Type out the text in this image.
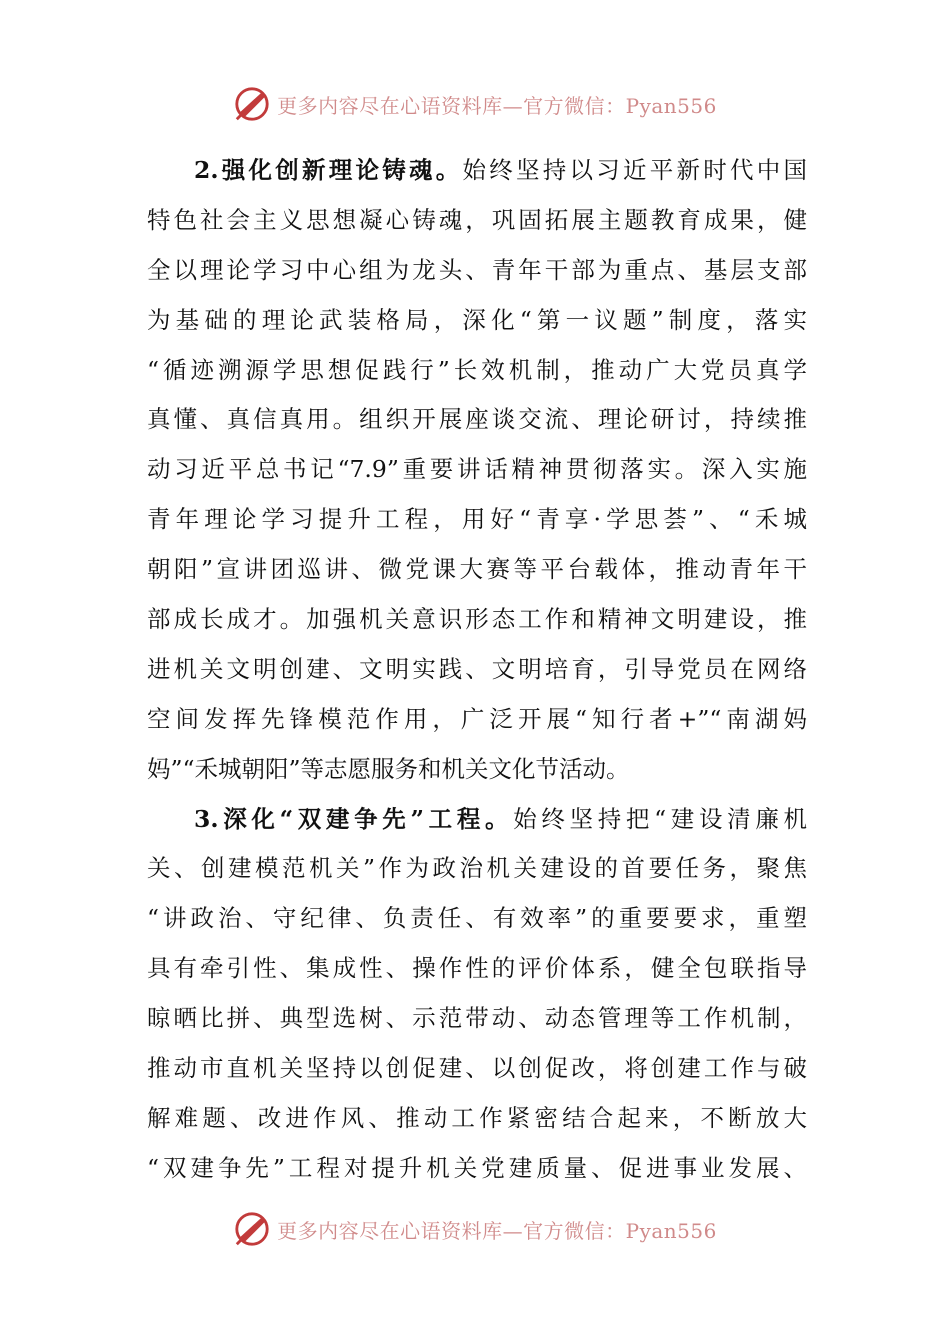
更多内容尽在心语资料库—官方微信：Pyan556
2.强化创新理论铸魂。始终坚持以习近平新时代中国
特色社会主义思想凝心铸魂，巩固拓展主题教育成果，健
全以理论学习中心组为龙头、青年干部为重点、基层支部
为基础的理论武装格局，深化“第一议题”制度，落实
“循迹溯源学思想促践行”长效机制，推动广大党员真学
真懂、真信真用。组织开展座谈交流、理论研讨，持续推
动习近平总书记“7.9”重要讲话精神贯彻落实。深入实施
青年理论学习提升工程，用好“青享·学思荟”、“禾城
朝阳”宣讲团巡讲、微党课大赛等平台载体，推动青年干
部成长成才。加强机关意识形态工作和精神文明建设，推
进机关文明创建、文明实践、文明培育，引导党员在网络
空间发挥先锋模范作用，广泛开展“知行者+”“南湖妈
妈”“禾城朝阳”等志愿服务和机关文化节活动。
3.深化“双建争先”工程。始终坚持把“建设清廉机
关、创建模范机关”作为政治机关建设的首要任务，聚焦
“讲政治、守纪律、负责任、有效率”的重要要求，重塑
具有牵引性、集成性、操作性的评价体系，健全包联指导
晾晒比拼、典型选树、示范带动、动态管理等工作机制，
推动市直机关坚持以创促建、以创促改，将创建工作与破
解难题、改进作风、推动工作紧密结合起来，不断放大
“双建争先”工程对提升机关党建质量、促进事业发展、
更多内容尽在心语资料库—官方微信：Pyan556
